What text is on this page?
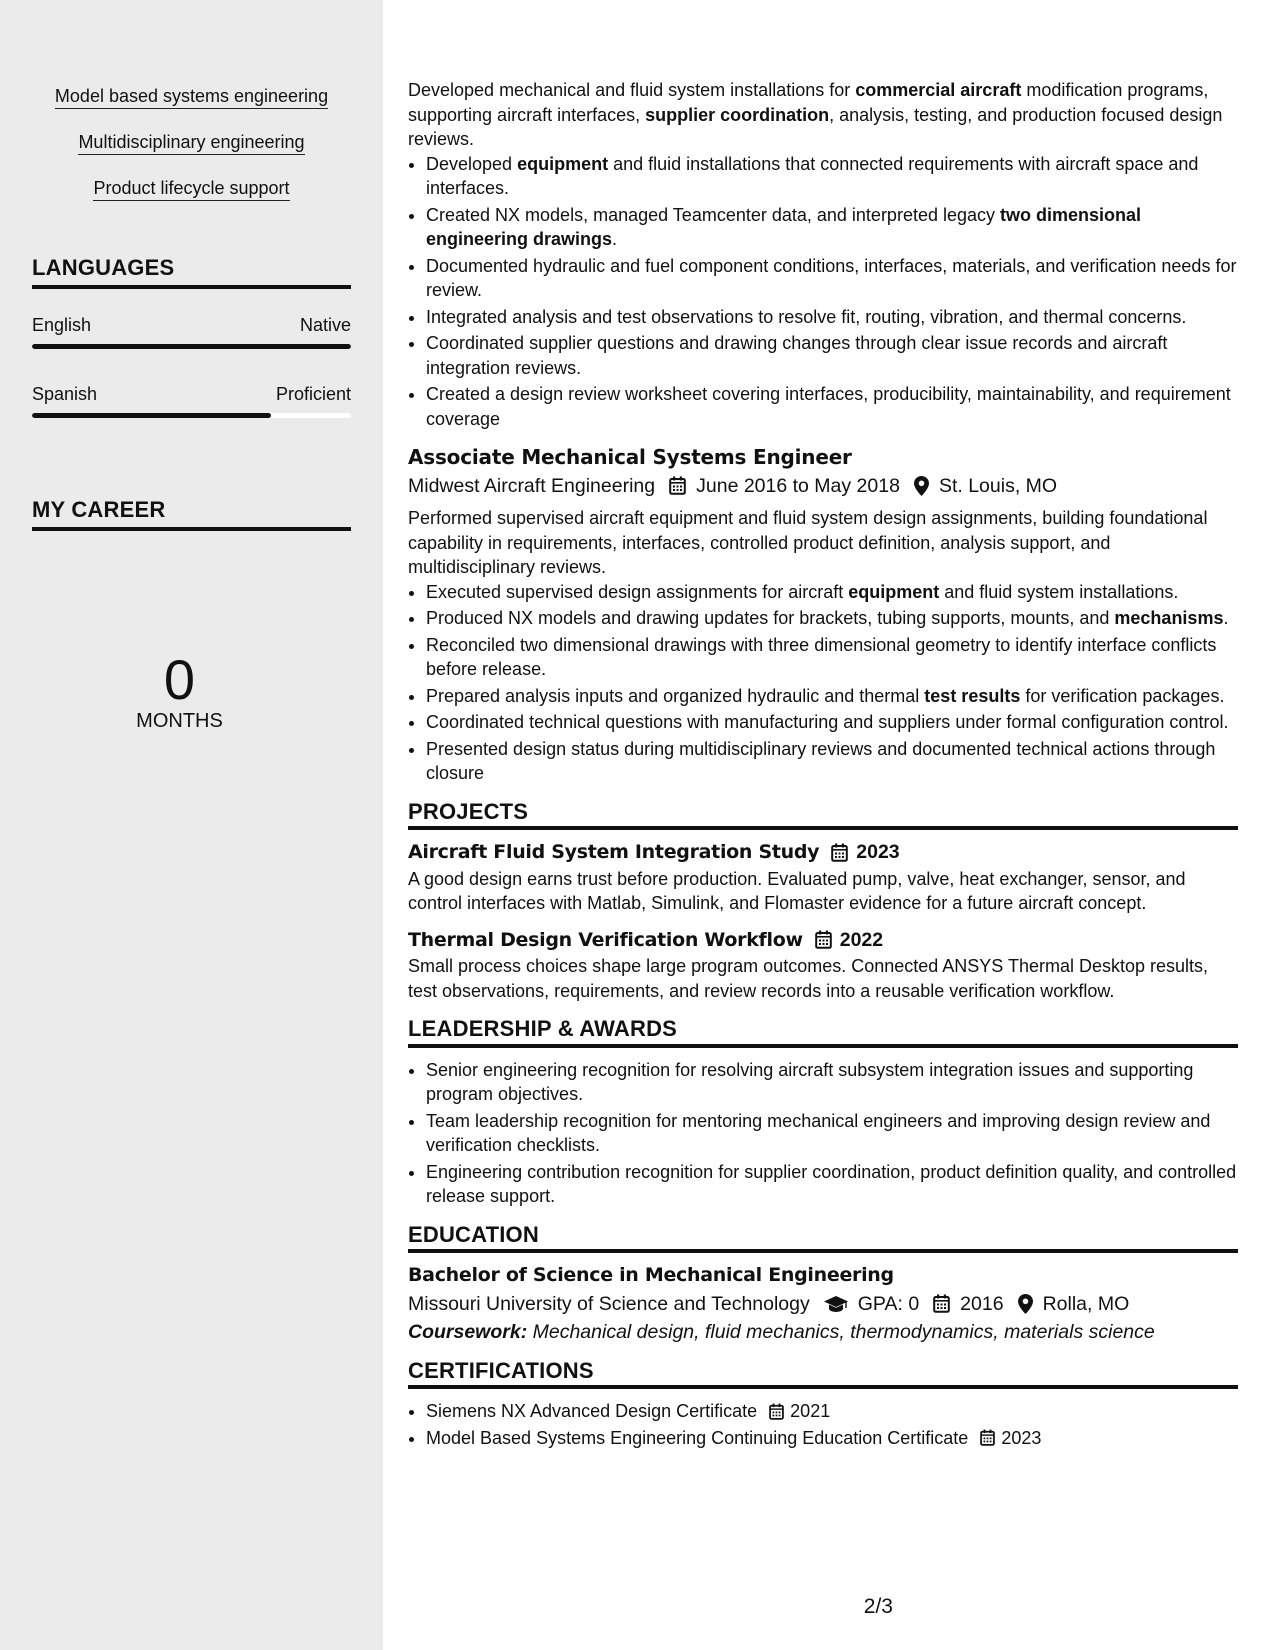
Model based systems engineering
Multidisciplinary engineering
Product lifecycle support
LANGUAGES
English	Native
Spanish	Proficient
MY CAREER
0
MONTHS

Developed mechanical and fluid system installations for commercial aircraft modification programs, supporting aircraft interfaces, supplier coordination, analysis, testing, and production focused design reviews.

• Developed equipment and fluid installations that connected requirements with aircraft space and interfaces.
• Created NX models, managed Teamcenter data, and interpreted legacy two dimensional engineering drawings.
• Documented hydraulic and fuel component conditions, interfaces, materials, and verification needs for review.
• Integrated analysis and test observations to resolve fit, routing, vibration, and thermal concerns.
• Coordinated supplier questions and drawing changes through clear issue records and aircraft integration reviews.
• Created a design review worksheet covering interfaces, producibility, maintainability, and requirement coverage
Associate Mechanical Systems Engineer
Midwest Aircraft Engineering June 2016 to May 2018 St. Louis, MO

Performed supervised aircraft equipment and fluid system design assignments, building foundational capability in requirements, interfaces, controlled product definition, analysis support, and multidisciplinary reviews.

• Executed supervised design assignments for aircraft equipment and fluid system installations.
• Produced NX models and drawing updates for brackets, tubing supports, mounts, and mechanisms.
• Reconciled two dimensional drawings with three dimensional geometry to identify interface conflicts before release.
• Prepared analysis inputs and organized hydraulic and thermal test results for verification packages.
• Coordinated technical questions with manufacturing and suppliers under formal configuration control.
• Presented design status during multidisciplinary reviews and documented technical actions through closure
PROJECTS
Aircraft Fluid System Integration Study 2023

A good design earns trust before production. Evaluated pump, valve, heat exchanger, sensor, and control interfaces with Matlab, Simulink, and Flomaster evidence for a future aircraft concept.

Thermal Design Verification Workflow 2022

Small process choices shape large program outcomes. Connected ANSYS Thermal Desktop results, test observations, requirements, and review records into a reusable verification workflow.

LEADERSHIP & AWARDS
• Senior engineering recognition for resolving aircraft subsystem integration issues and supporting program objectives.
• Team leadership recognition for mentoring mechanical engineers and improving design review and verification checklists.
• Engineering contribution recognition for supplier coordination, product definition quality, and controlled release support.
EDUCATION
Bachelor of Science in Mechanical Engineering
Missouri University of Science and Technology GPA: 0 2016 Rolla, MO

Coursework: Mechanical design, fluid mechanics, thermodynamics, materials science

CERTIFICATIONS
• Siemens NX Advanced Design Certificate 2021
• Model Based Systems Engineering Continuing Education Certificate 2023
2/3
